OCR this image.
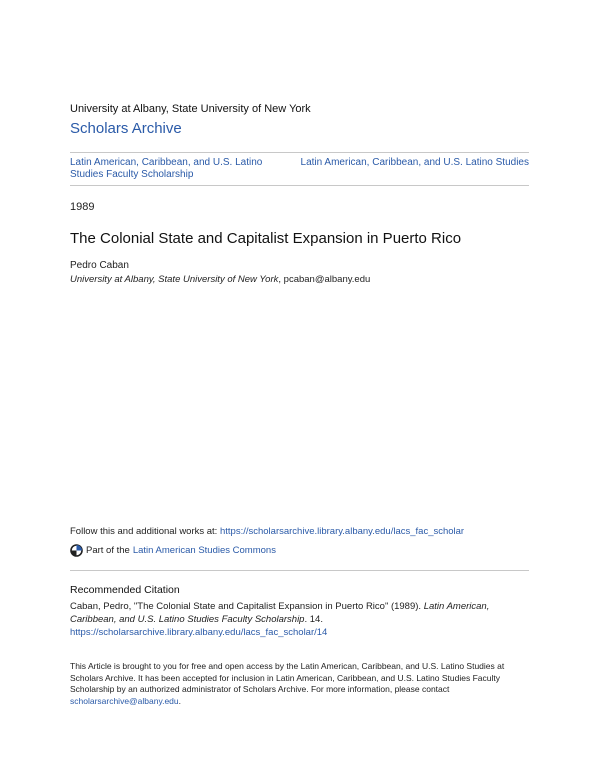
University at Albany, State University of New York
Scholars Archive
Latin American, Caribbean, and U.S. Latino Studies Faculty Scholarship
Latin American, Caribbean, and U.S. Latino Studies
1989
The Colonial State and Capitalist Expansion in Puerto Rico
Pedro Caban
University at Albany, State University of New York, pcaban@albany.edu
Follow this and additional works at: https://scholarsarchive.library.albany.edu/lacs_fac_scholar
Part of the Latin American Studies Commons
Recommended Citation
Caban, Pedro, "The Colonial State and Capitalist Expansion in Puerto Rico" (1989). Latin American, Caribbean, and U.S. Latino Studies Faculty Scholarship. 14.
https://scholarsarchive.library.albany.edu/lacs_fac_scholar/14
This Article is brought to you for free and open access by the Latin American, Caribbean, and U.S. Latino Studies at Scholars Archive. It has been accepted for inclusion in Latin American, Caribbean, and U.S. Latino Studies Faculty Scholarship by an authorized administrator of Scholars Archive. For more information, please contact
scholarsarchive@albany.edu.
